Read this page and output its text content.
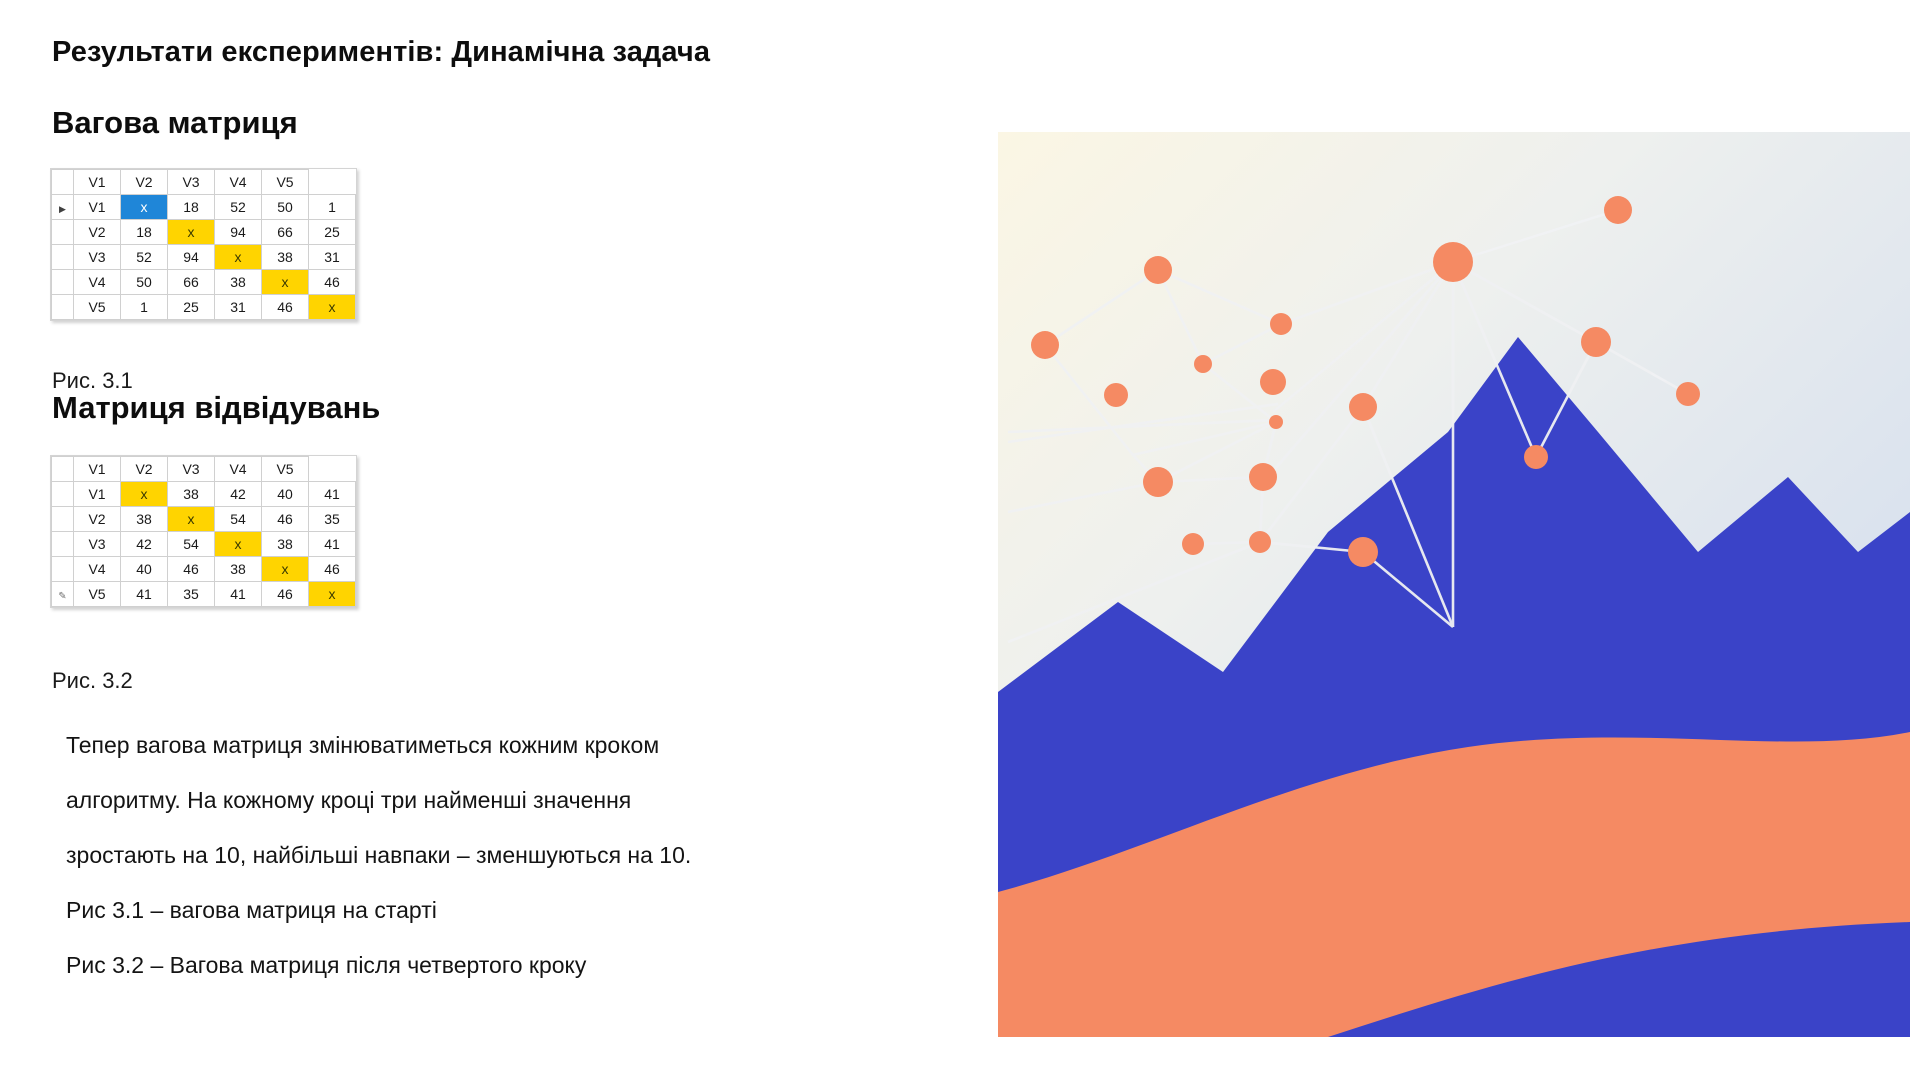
Результати експериментів: Динамічна задача
Вагова матриця
	V1	V2	V3	V4	V5	
▶	V1	x	18	52	50	1
	V2	18	x	94	66	25
	V3	52	94	x	38	31
	V4	50	66	38	x	46
	V5	1	25	31	46	x
Рис. 3.1
Матриця відвідувань
	V1	V2	V3	V4	V5	
	V1	x	38	42	40	41
	V2	38	x	54	46	35
	V3	42	54	x	38	41
	V4	40	46	38	x	46
✎	V5	41	35	41	46	x
Рис. 3.2

Тепер вагова матриця змінюватиметься кожним кроком

алгоритму. На кожному кроці три найменші значення

зростають на 10, найбільші навпаки – зменшуються на 10.

Рис 3.1 – вагова матриця на старті

Рис 3.2 – Вагова матриця після четвертого кроку
